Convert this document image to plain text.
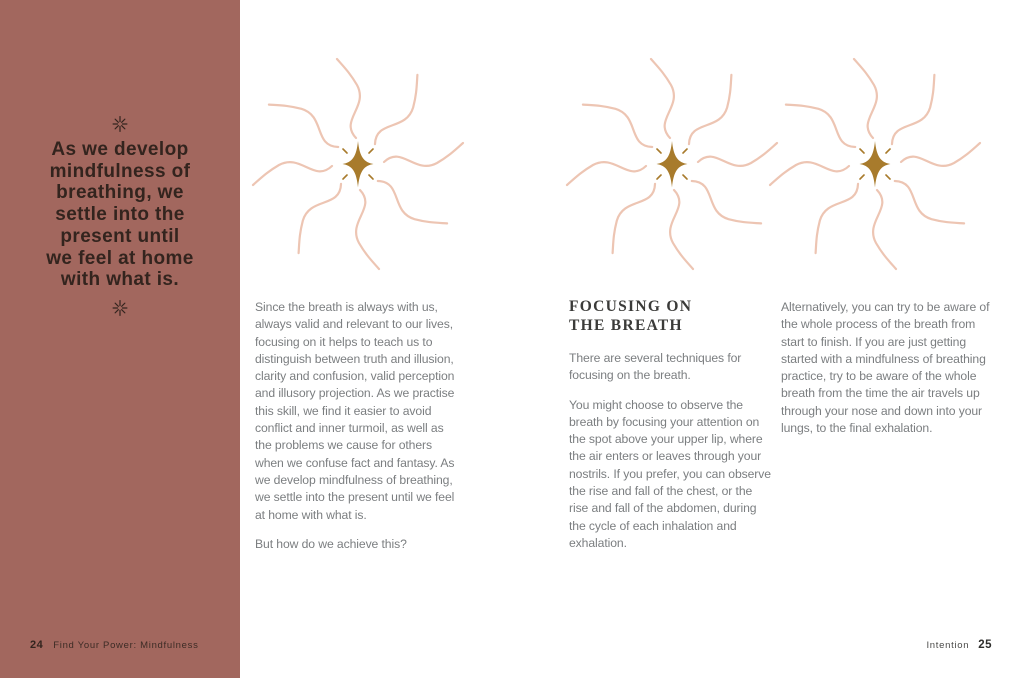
As we develop
mindfulness of
breathing, we
settle into the
present until
we feel at home
with what is.
24 Find Your Power: Mindfulness

Since the breath is always with us, always valid and relevant to our lives, focusing on it helps to teach us to distinguish between truth and illusion, clarity and confusion, valid perception and illusory projection. As we practise this skill, we find it easier to avoid conflict and inner turmoil, as well as the problems we cause for others when we confuse fact and fantasy. As we develop mindfulness of breathing, we settle into the present until we feel at home with what is.

But how do we achieve this?

FOCUSING ON
THE BREATH

There are several techniques for focusing on the breath.

You might choose to observe the breath by focusing your attention on the spot above your upper lip, where the air enters or leaves through your nostrils. If you prefer, you can observe the rise and fall of the chest, or the rise and fall of the abdomen, during the cycle of each inhalation and exhalation.

Alternatively, you can try to be aware of the whole process of the breath from start to finish. If you are just getting started with a mindfulness of breathing practice, try to be aware of the whole breath from the time the air travels up through your nose and down into your lungs, to the final exhalation.

Intention 25
